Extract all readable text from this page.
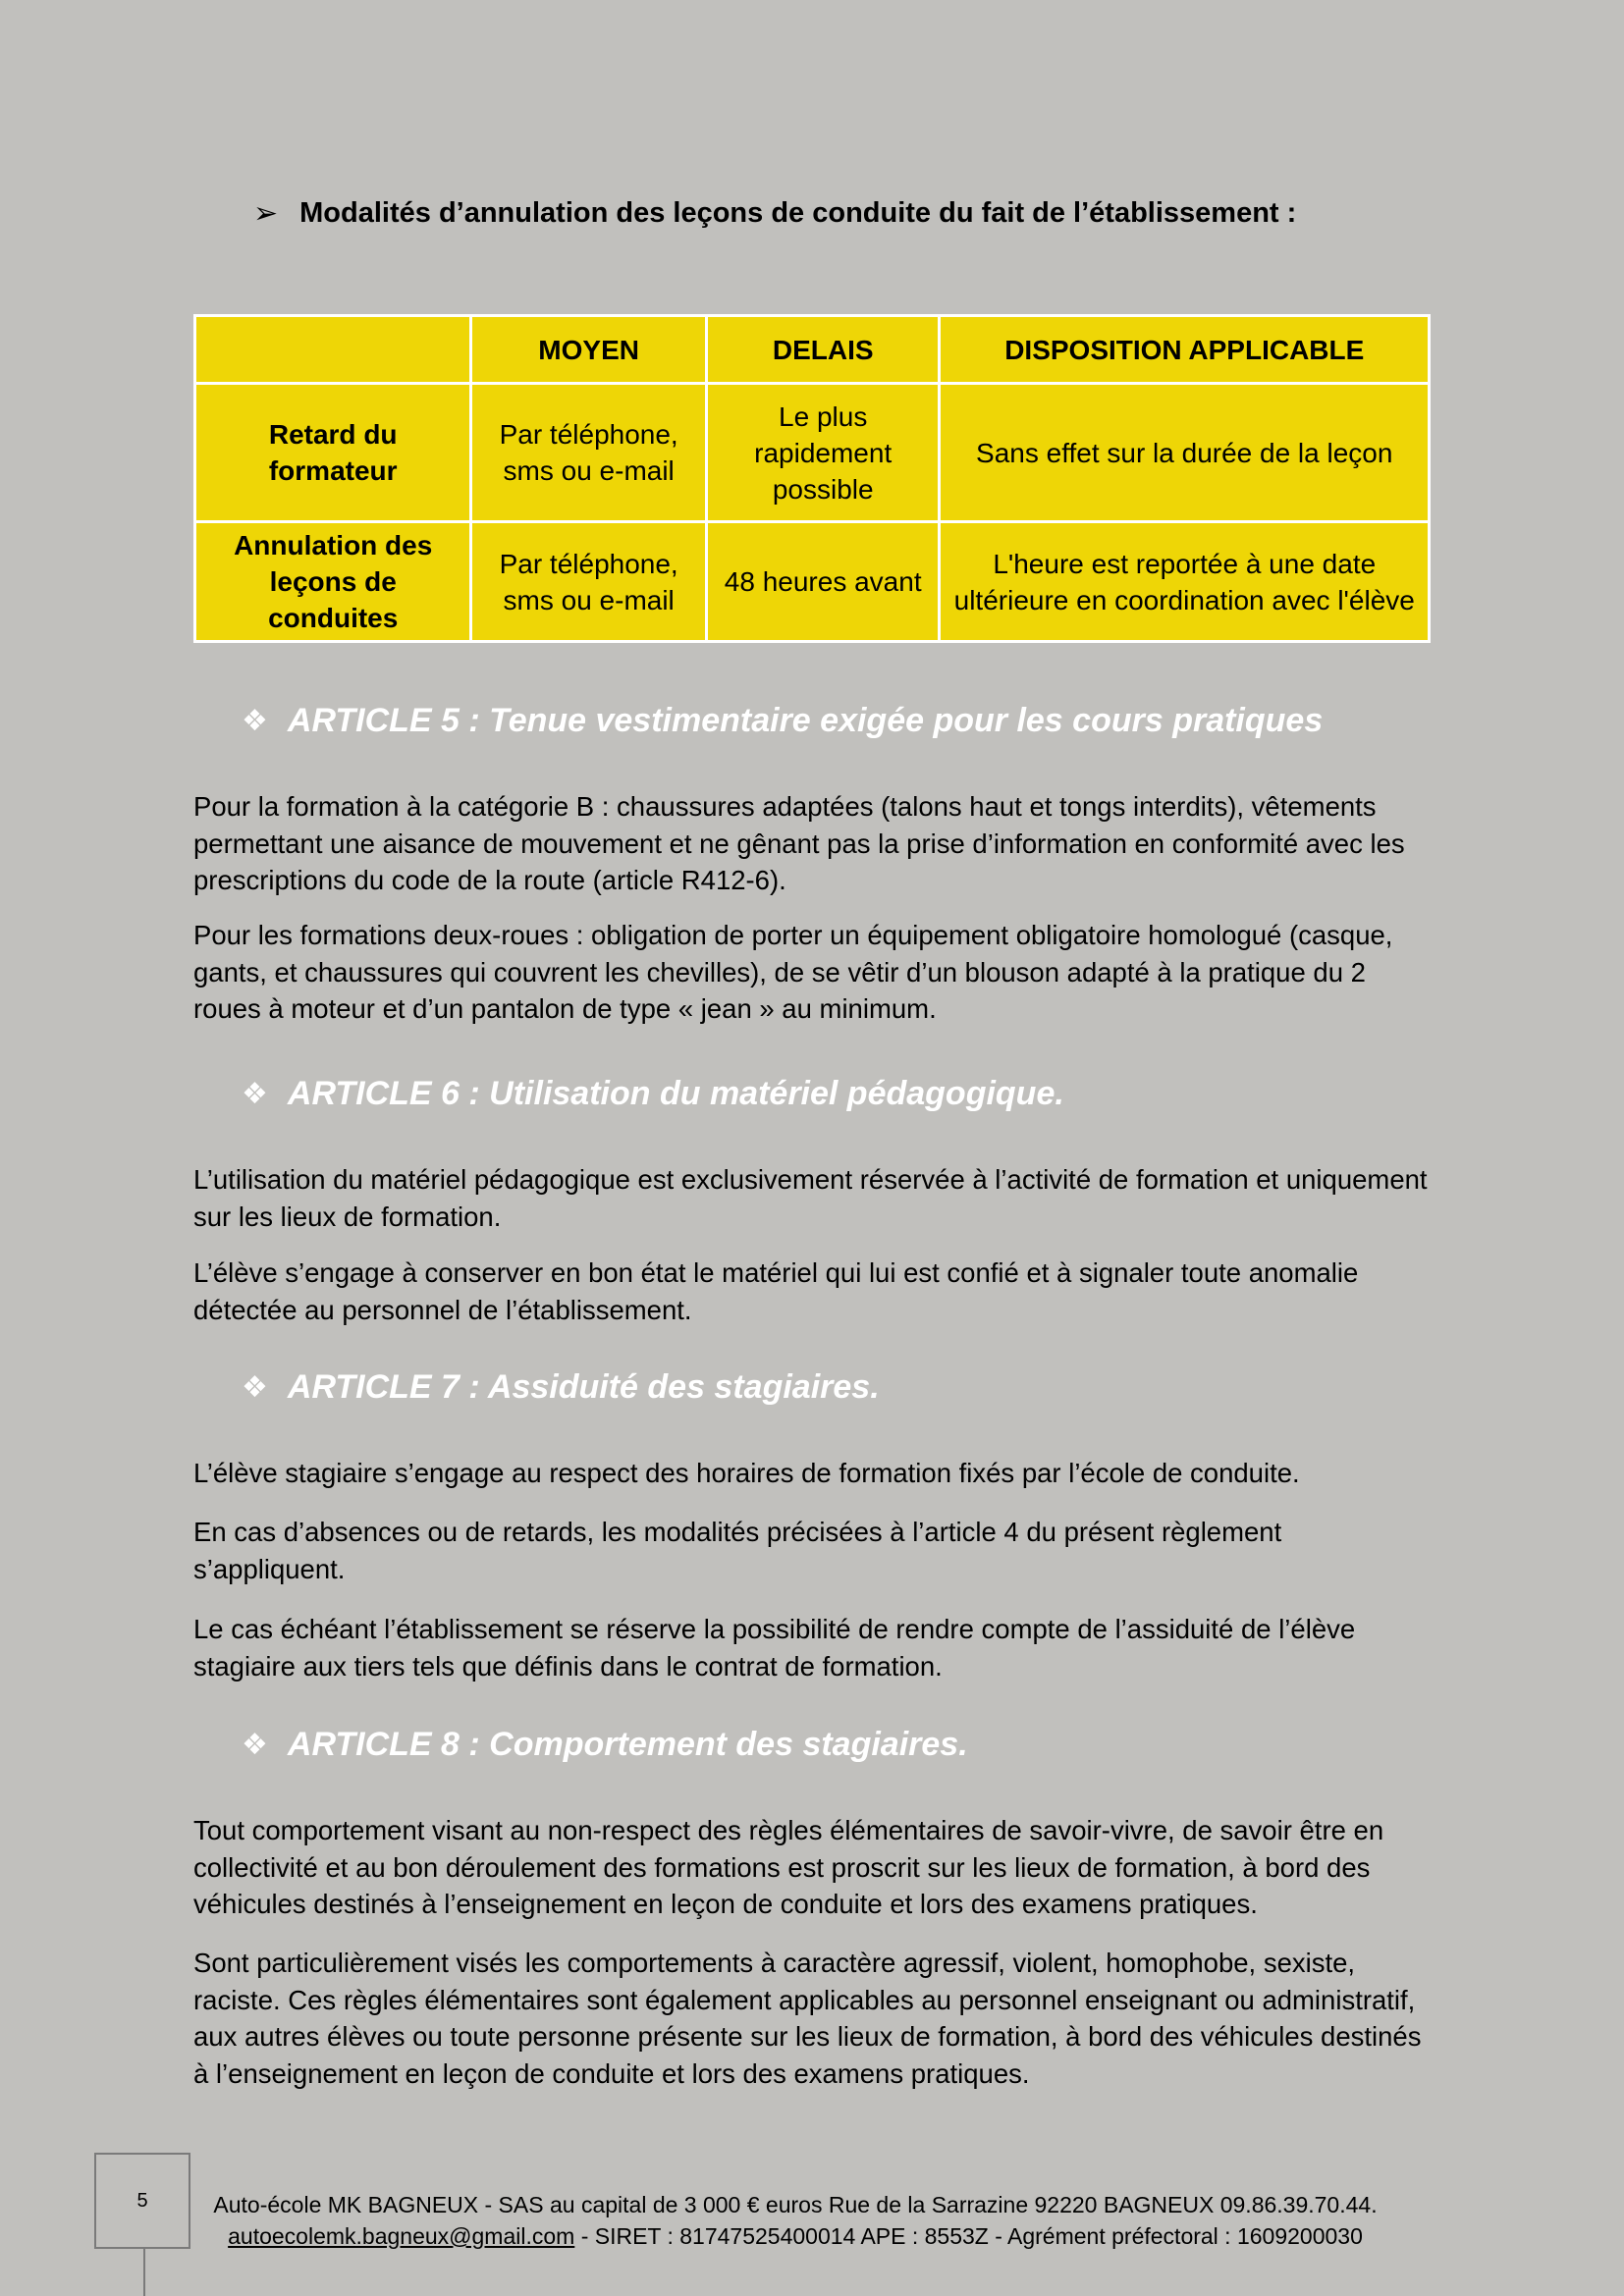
➢ Modalités d’annulation des leçons de conduite du fait de l’établissement :
	MOYEN	DELAIS	DISPOSITION APPLICABLE
Retard du formateur	Par téléphone, sms ou e-mail	Le plus rapidement possible	Sans effet sur la durée de la leçon
Annulation des leçons de conduites	Par téléphone, sms ou e-mail	48 heures avant	L'heure est reportée à une date ultérieure en coordination avec l'élève
❖ ARTICLE 5 : Tenue vestimentaire exigée pour les cours pratiques
Pour la formation à la catégorie B : chaussures adaptées (talons haut et tongs interdits), vêtements permettant une aisance de mouvement et ne gênant pas la prise d’information en conformité avec les prescriptions du code de la route (article R412-6).
Pour les formations deux-roues : obligation de porter un équipement obligatoire homologué (casque, gants, et chaussures qui couvrent les chevilles), de se vêtir d’un blouson adapté à la pratique du 2 roues à moteur et d’un pantalon de type « jean » au minimum.
❖ ARTICLE 6 : Utilisation du matériel pédagogique.
L’utilisation du matériel pédagogique est exclusivement réservée à l’activité de formation et uniquement sur les lieux de formation.
L’élève s’engage à conserver en bon état le matériel qui lui est confié et à signaler toute anomalie détectée au personnel de l’établissement.
❖ ARTICLE 7 : Assiduité des stagiaires.
L’élève stagiaire s’engage au respect des horaires de formation fixés par l’école de conduite.
En cas d’absences ou de retards, les modalités précisées à l’article 4 du présent règlement s’appliquent.
Le cas échéant l’établissement se réserve la possibilité de rendre compte de l’assiduité de l’élève stagiaire aux tiers tels que définis dans le contrat de formation.
❖ ARTICLE 8 : Comportement des stagiaires.
Tout comportement visant au non-respect des règles élémentaires de savoir-vivre, de savoir être en collectivité et au bon déroulement des formations est proscrit sur les lieux de formation, à bord des véhicules destinés à l’enseignement en leçon de conduite et lors des examens pratiques.
Sont particulièrement visés les comportements à caractère agressif, violent, homophobe, sexiste, raciste. Ces règles élémentaires sont également applicables au personnel enseignant ou administratif, aux autres élèves ou toute personne présente sur les lieux de formation, à bord des véhicules destinés à l’enseignement en leçon de conduite et lors des examens pratiques.
5	Auto-école MK BAGNEUX - SAS au capital de 3 000 € euros Rue de la Sarrazine 92220 BAGNEUX 09.86.39.70.44.
autoecolemk.bagneux@gmail.com - SIRET : 81747525400014 APE : 8553Z - Agrément préfectoral : 1609200030
